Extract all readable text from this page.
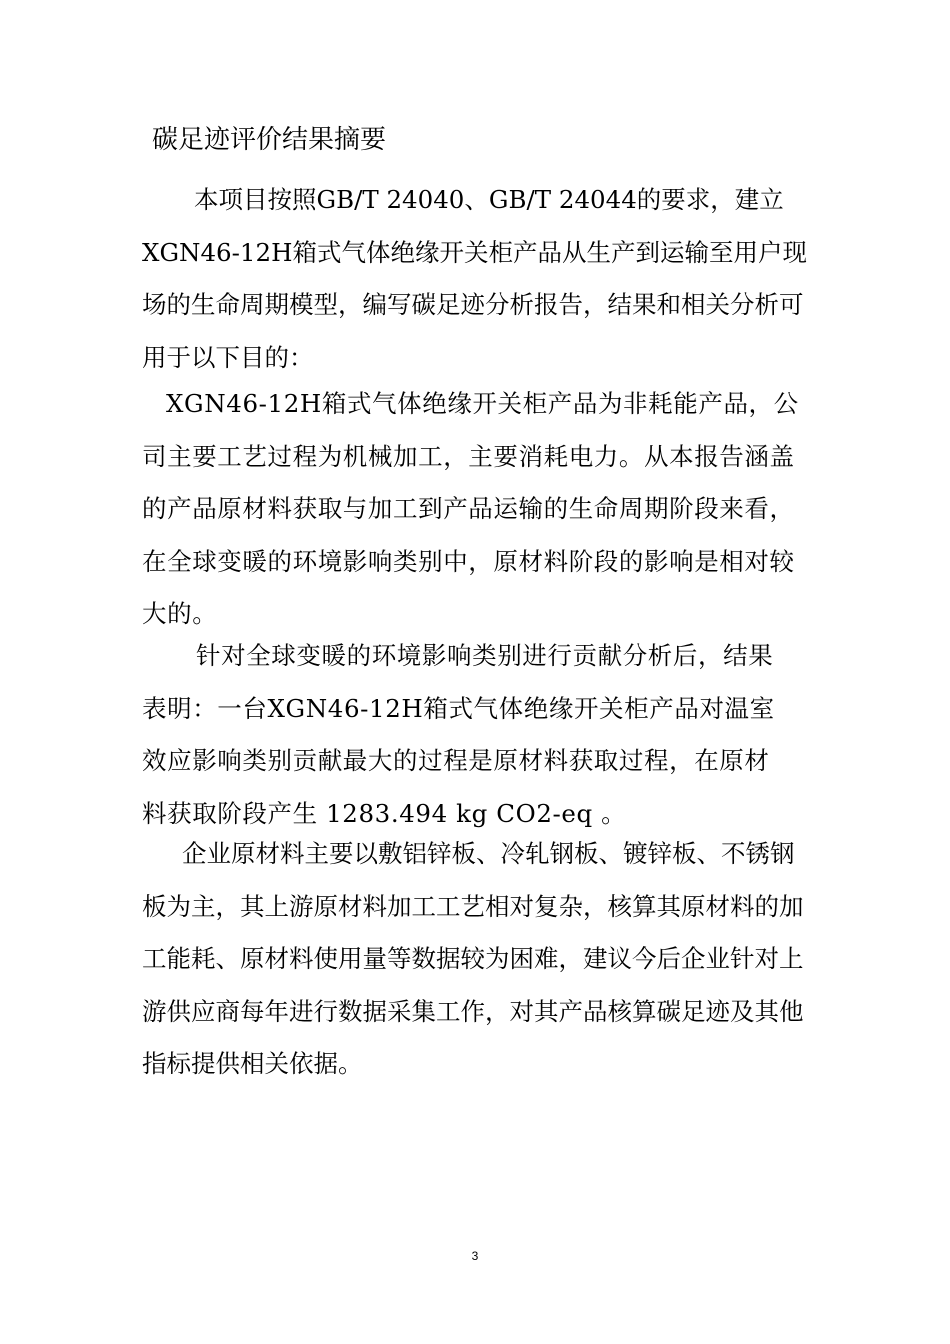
碳足迹评价结果摘要

本项目按照GB/T 24040、GB/T 24044的要求，建立XGN46-12H箱式气体绝缘开关柜产品从生产到运输至用户现场的生命周期模型，编写碳足迹分析报告，结果和相关分析可用于以下目的：

XGN46-12H箱式气体绝缘开关柜产品为非耗能产品，公司主要工艺过程为机械加工，主要消耗电力。从本报告涵盖的产品原材料获取与加工到产品运输的生命周期阶段来看，在全球变暖的环境影响类别中，原材料阶段的影响是相对较大的。

针对全球变暖的环境影响类别进行贡献分析后，结果表明：一台XGN46-12H箱式气体绝缘开关柜产品对温室效应影响类别贡献最大的过程是原材料获取过程，在原材料获取阶段产生 1283.494 kg CO2-eq 。

企业原材料主要以敷铝锌板、冷轧钢板、镀锌板、不锈钢板为主，其上游原材料加工工艺相对复杂，核算其原材料的加工能耗、原材料使用量等数据较为困难，建议今后企业针对上游供应商每年进行数据采集工作，对其产品核算碳足迹及其他指标提供相关依据。

3
